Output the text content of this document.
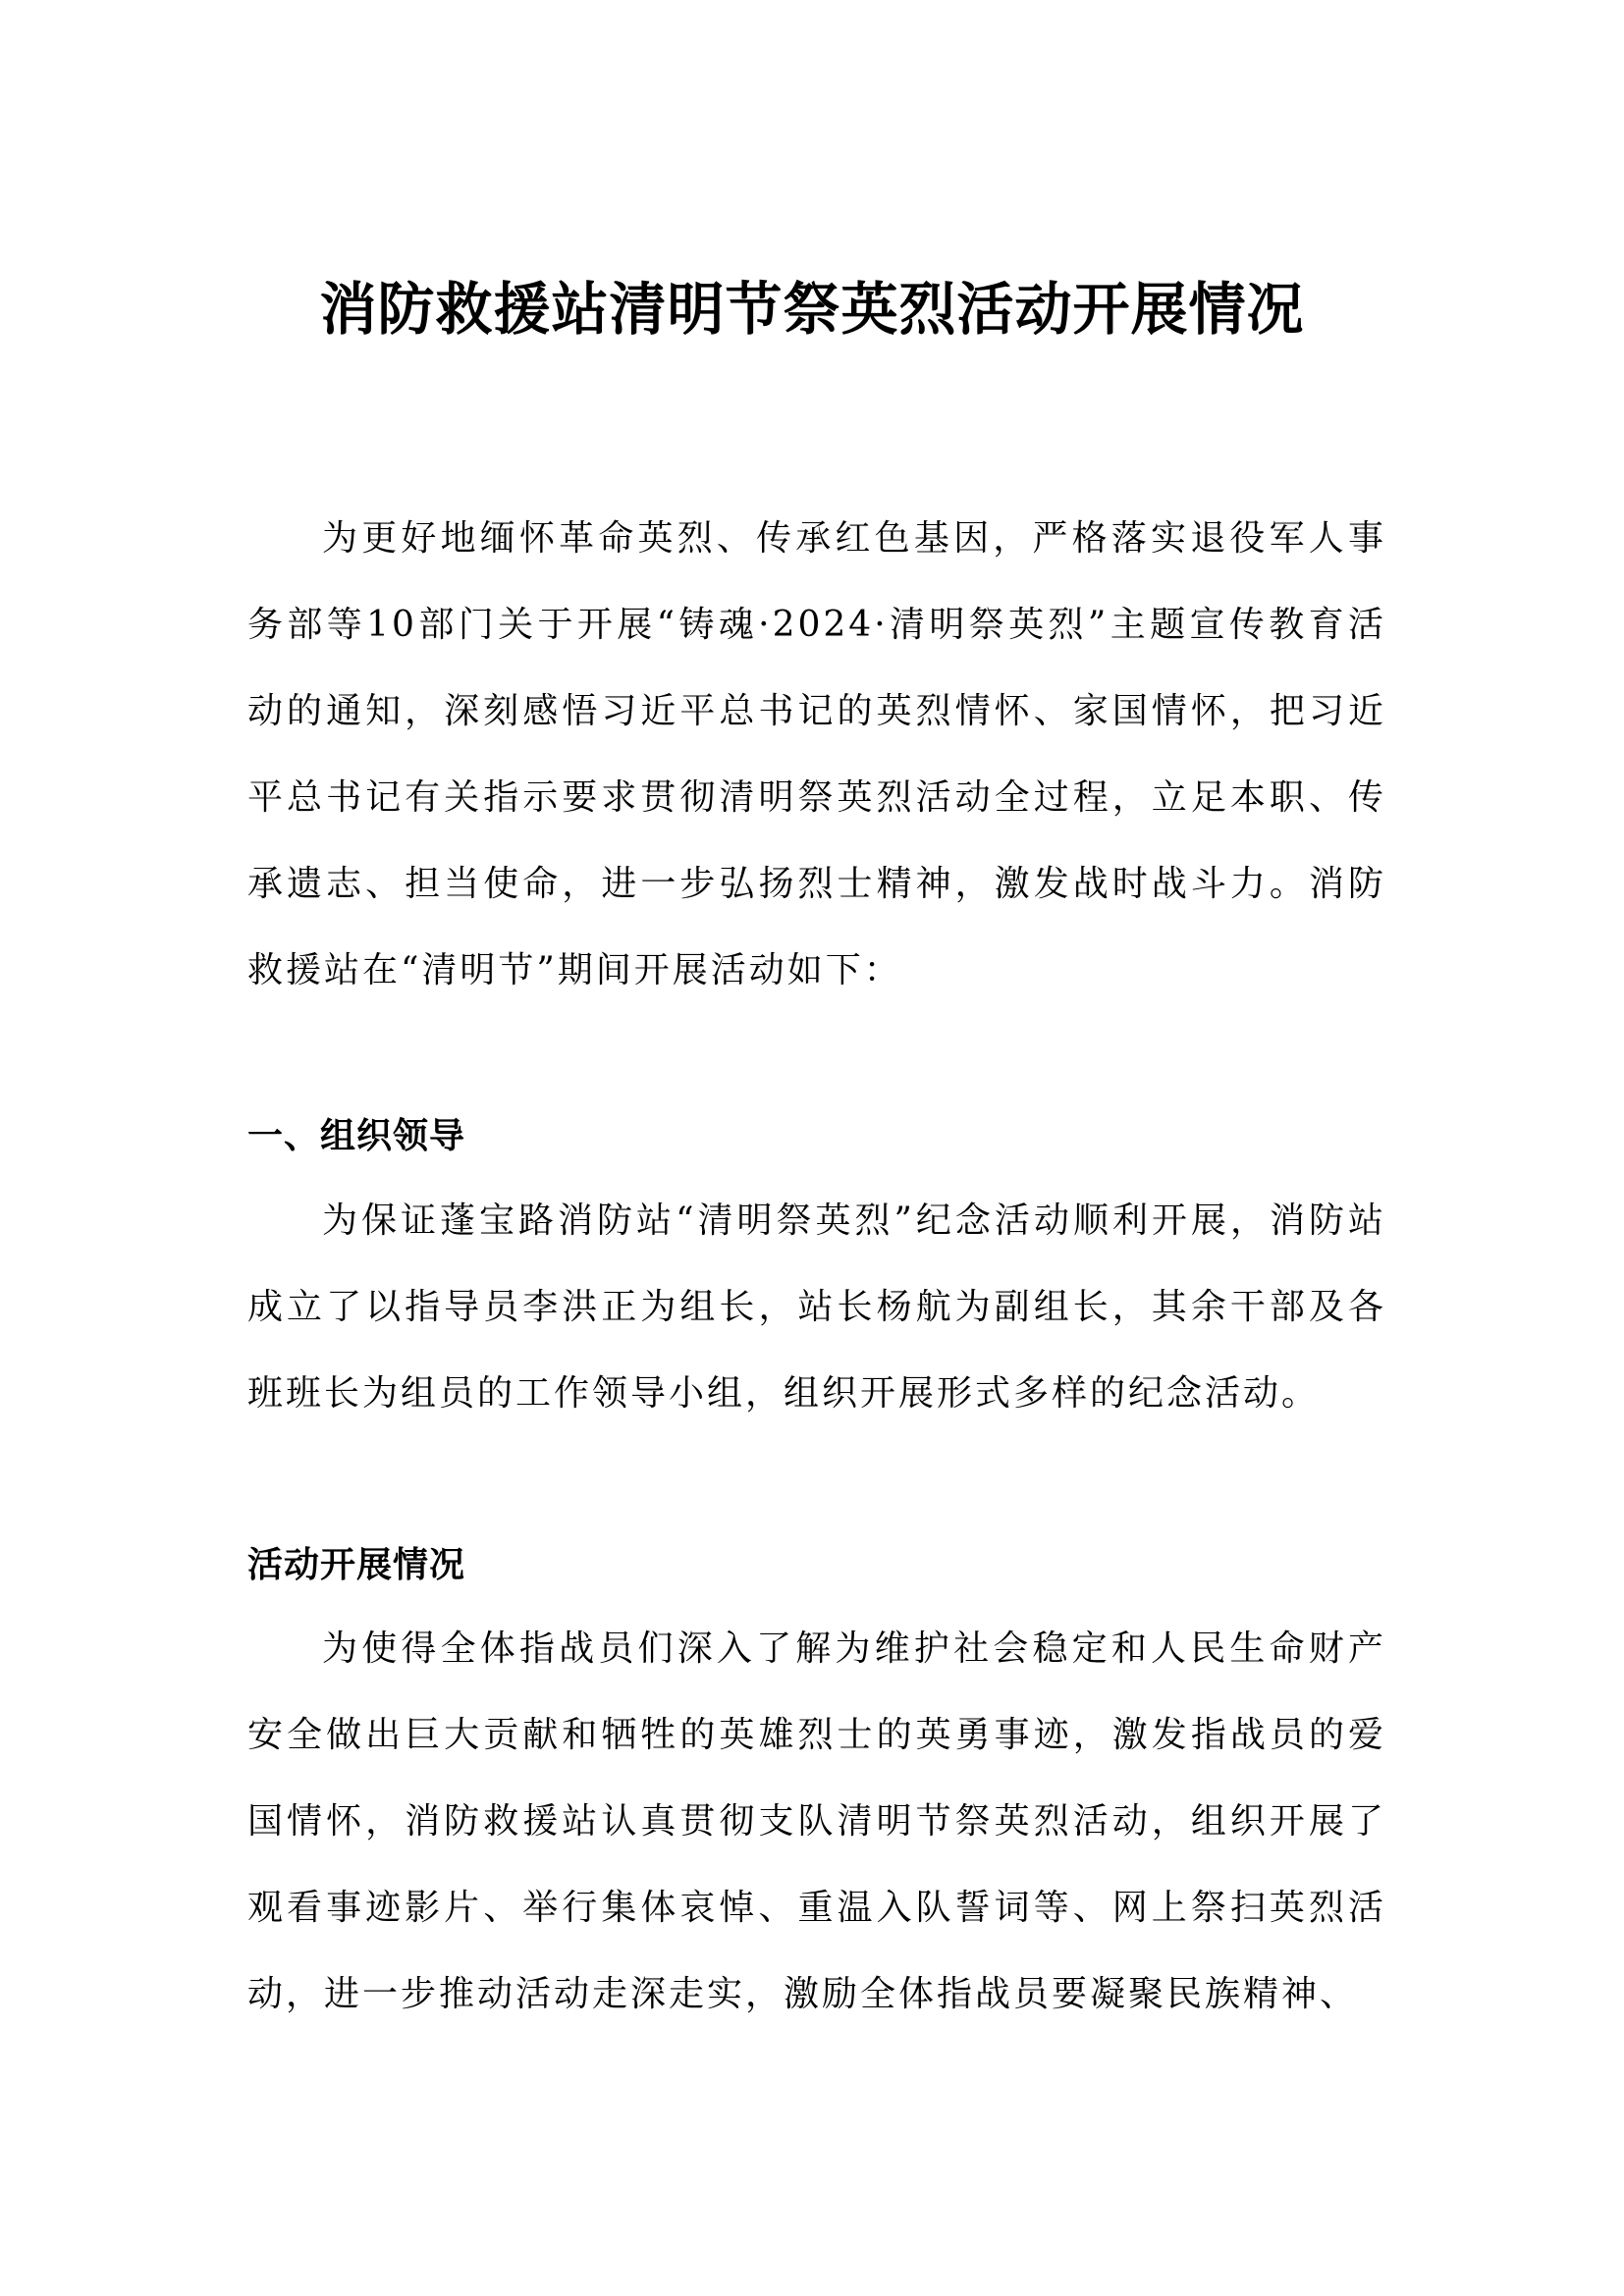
消防救援站清明节祭英烈活动开展情况

为更好地缅怀革命英烈、传承红色基因，严格落实退役军人事务部等10部门关于开展“铸魂·2024·清明祭英烈”主题宣传教育活动的通知，深刻感悟习近平总书记的英烈情怀、家国情怀，把习近平总书记有关指示要求贯彻清明祭英烈活动全过程，立足本职、传承遗志、担当使命，进一步弘扬烈士精神，激发战时战斗力。消防救援站在“清明节”期间开展活动如下：

一、组织领导

为保证蓬宝路消防站“清明祭英烈”纪念活动顺利开展，消防站成立了以指导员李洪正为组长，站长杨航为副组长，其余干部及各班班长为组员的工作领导小组，组织开展形式多样的纪念活动。

活动开展情况

为使得全体指战员们深入了解为维护社会稳定和人民生命财产安全做出巨大贡献和牺牲的英雄烈士的英勇事迹，激发指战员的爱国情怀，消防救援站认真贯彻支队清明节祭英烈活动，组织开展了观看事迹影片、举行集体哀悼、重温入队誓词等、网上祭扫英烈活动，进一步推动活动走深走实，激励全体指战员要凝聚民族精神、
